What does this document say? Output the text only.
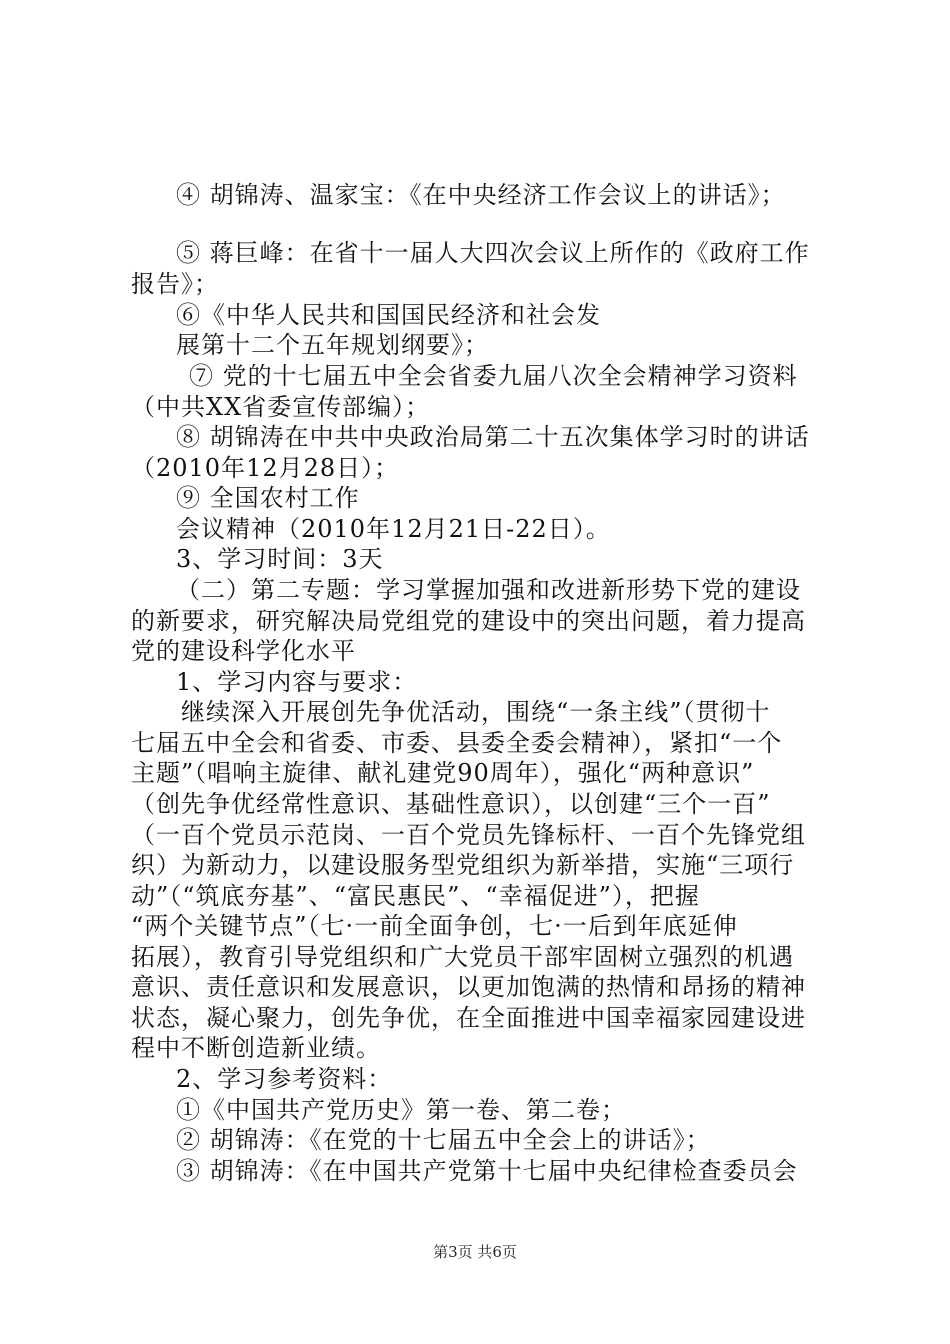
④ 胡锦涛、温家宝：《在中央经济工作会议上的讲话》；
⑤ 蒋巨峰：在省十一届人大四次会议上所作的《政府工作
报告》；
⑥《中华人民共和国国民经济和社会发
展第十二个五年规划纲要》；
⑦ 党的十七届五中全会省委九届八次全会精神学习资料
（中共XX省委宣传部编）；
⑧ 胡锦涛在中共中央政治局第二十五次集体学习时的讲话
（2010年12月28日）；
⑨ 全国农村工作
会议精神（2010年12月21日-22日）。
3、学习时间：3天
（二）第二专题：学习掌握加强和改进新形势下党的建设
的新要求，研究解决局党组党的建设中的突出问题，着力提高
党的建设科学化水平
1、学习内容与要求：
继续深入开展创先争优活动，围绕“一条主线”（贯彻十
七届五中全会和省委、市委、县委全委会精神），紧扣“一个
主题”（唱响主旋律、献礼建党90周年），强化“两种意识”
（创先争优经常性意识、基础性意识），以创建“三个一百”
（一百个党员示范岗、一百个党员先锋标杆、一百个先锋党组
织）为新动力，以建设服务型党组织为新举措，实施“三项行
动”（“筑底夯基”、“富民惠民”、“幸福促进”），把握
“两个关键节点”（七·一前全面争创，七·一后到年底延伸
拓展），教育引导党组织和广大党员干部牢固树立强烈的机遇
意识、责任意识和发展意识，以更加饱满的热情和昂扬的精神
状态，凝心聚力，创先争优，在全面推进中国幸福家园建设进
程中不断创造新业绩。
2、学习参考资料：
①《中国共产党历史》第一卷、第二卷；
② 胡锦涛：《在党的十七届五中全会上的讲话》；
③ 胡锦涛：《在中国共产党第十七届中央纪律检查委员会
第3页 共6页
